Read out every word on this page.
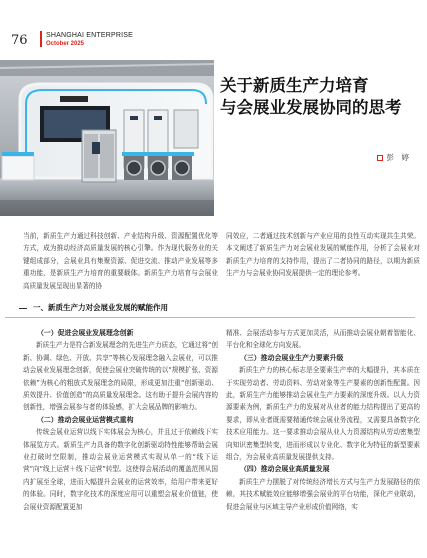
76	SHANGHAI ENTERPRISE
October 2025
关于新质生产力培育
与会展业发展协同的思考
彭　婷

当前，新质生产力通过科技创新、产业结构升级、资源配置优化等方式，成为推动经济高质量发展的核心引擎。作为现代服务业的关键组成部分，会展业具有集聚资源、促进交流、推动产业发展等多重功能，是新质生产力培育的重要载体。新质生产力培育与会展业高质量发展呈现出显著的协

同效应，二者通过技术创新与产业应用的良性互动实现共生共荣。本文阐述了新质生产力对会展业发展的赋能作用，分析了会展业对新质生产力培育的支持作用，提出了二者协同的路径，以期为新质生产力与会展业协同发展提供一定的理论参考。

一、新质生产力对会展业发展的赋能作用

（一）促进会展业发展理念创新

新质生产力是符合新发展理念的先进生产力质态，它通过将“创新、协调、绿色、开放、共享”等核心发展理念融入会展业，可以推动会展业发展理念创新，促使会展业突破传统的以“规模扩张、资源依赖”为核心的粗放式发展理念的局限，形成更加注重“创新驱动、质效提升、价值创造”的高质量发展理念。这有助于提升会展内容的创新性，增强会展参与者的体验感，扩大会展品牌的影响力。

（二）推动会展业运营模式重构

传统会展业运营以线下实体展会为核心，并且过于依赖线下实体展览方式。新质生产力具备的数字化创新驱动特性能够帮助会展业打破时空限制，推动会展业运营模式实现从单一的“线下运营”向“线上运营＋线下运营”转型。这使得会展活动的覆盖范围从国内扩展至全球，进而大幅提升会展业的运营效率，给用户带来更好的体验。同时，数字化技术的深度应用可以重塑会展业价值链，使会展业资源配置更加

精准、会展活动参与方式更加灵活，从而推动会展业朝着智能化、平台化和全球化方向发展。

（三）推动会展业生产力要素升级

新质生产力的核心标志是全要素生产率的大幅提升，其本质在于实现劳动者、劳动资料、劳动对象等生产要素的创新性配置。因此，新质生产力能够推动会展业生产力要素的深度升级。以人力资源要素为例，新质生产力的发展对从业者的能力结构提出了更高的要求，即从业者既需要精通传统会展业务流程，又需要具备数字化技术应用能力。这一要求推动会展从业人力资源结构从劳动密集型向知识密集型转变，进而形成以专业化、数字化为特征的新型要素组合，为会展业高质量发展提供支持。

（四）推动会展业高质量发展

新质生产力摆脱了对传统经济增长方式与生产力发展路径的依赖，其技术赋能效应能够增强会展业的平台功能，深化产业联动，促进会展业与区域主导产业形成价值网络，实
